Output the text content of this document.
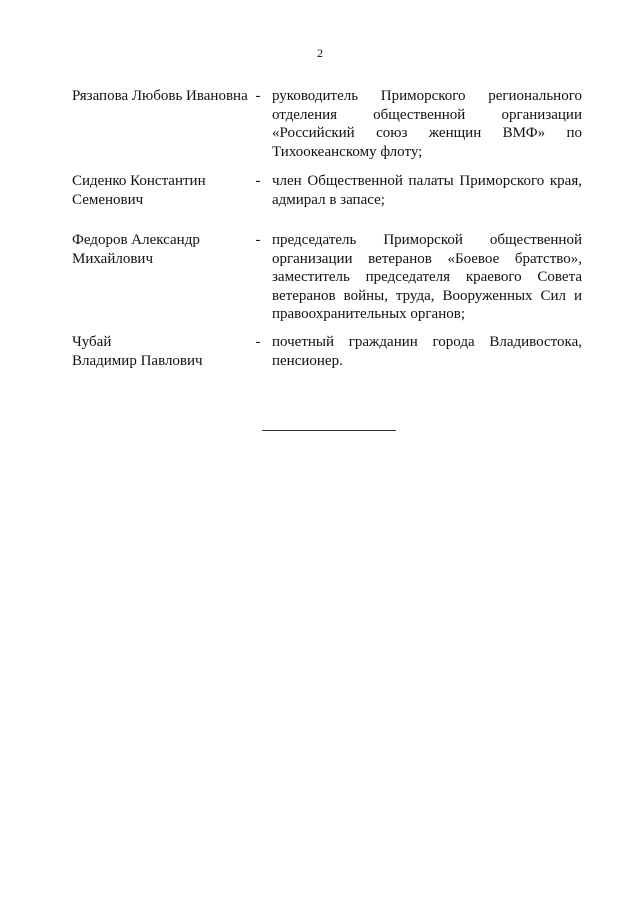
2
Рязапова Любовь Ивановна - руководитель Приморского регионального
отделения общественной организации
«Российский союз женщин ВМФ» по
Тихоокеанскому флоту;
Сиденко Константин
Семенович
- член Общественной палаты Приморского края,
адмирал в запасе;
Федоров Александр
Михайлович
- председатель Приморской общественной
организации ветеранов «Боевое братство»,
заместитель председателя краевого Совета
ветеранов войны, труда, Вооруженных Сил и
правоохранительных органов;
Чубай
Владимир Павлович
- почетный гражданин города Владивостока,
пенсионер.
